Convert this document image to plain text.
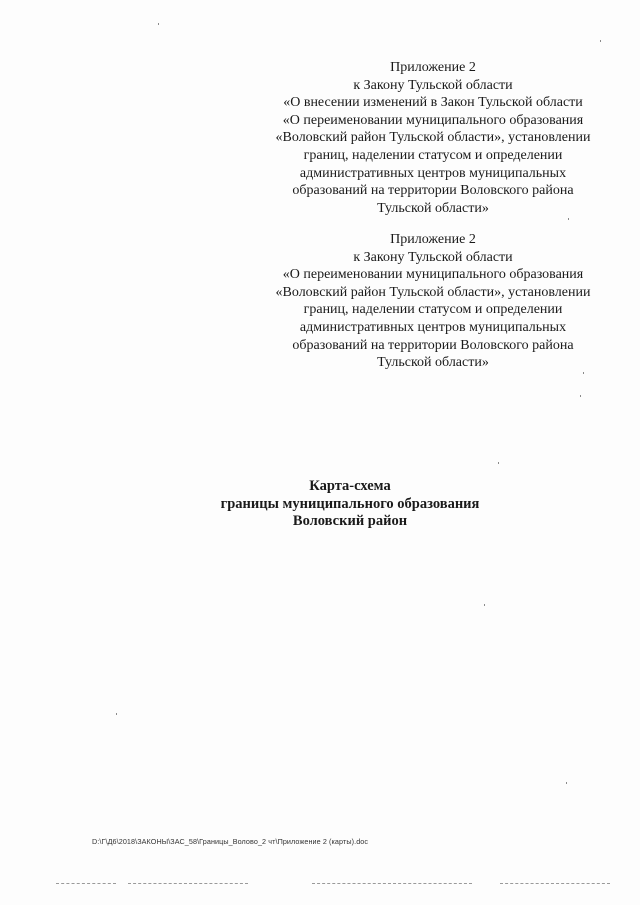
Приложение 2
к Закону Тульской области
«О внесении изменений в Закон Тульской области
«О переименовании муниципального образования
«Воловский район Тульской области», установлении
границ, наделении статусом и определении
административных центров муниципальных
образований на территории Воловского района
Тульской области»
Приложение 2
к Закону Тульской области
«О переименовании муниципального образования
«Воловский район Тульской области», установлении
границ, наделении статусом и определении
административных центров муниципальных
образований на территории Воловского района
Тульской области»
Карта-схема
границы муниципального образования
Воловский район
D:\Г\Д6\2018\ЗАКОНЫ\ЗАС_58\Границы_Волово_2 чт\Приложение 2 (карты).doc
